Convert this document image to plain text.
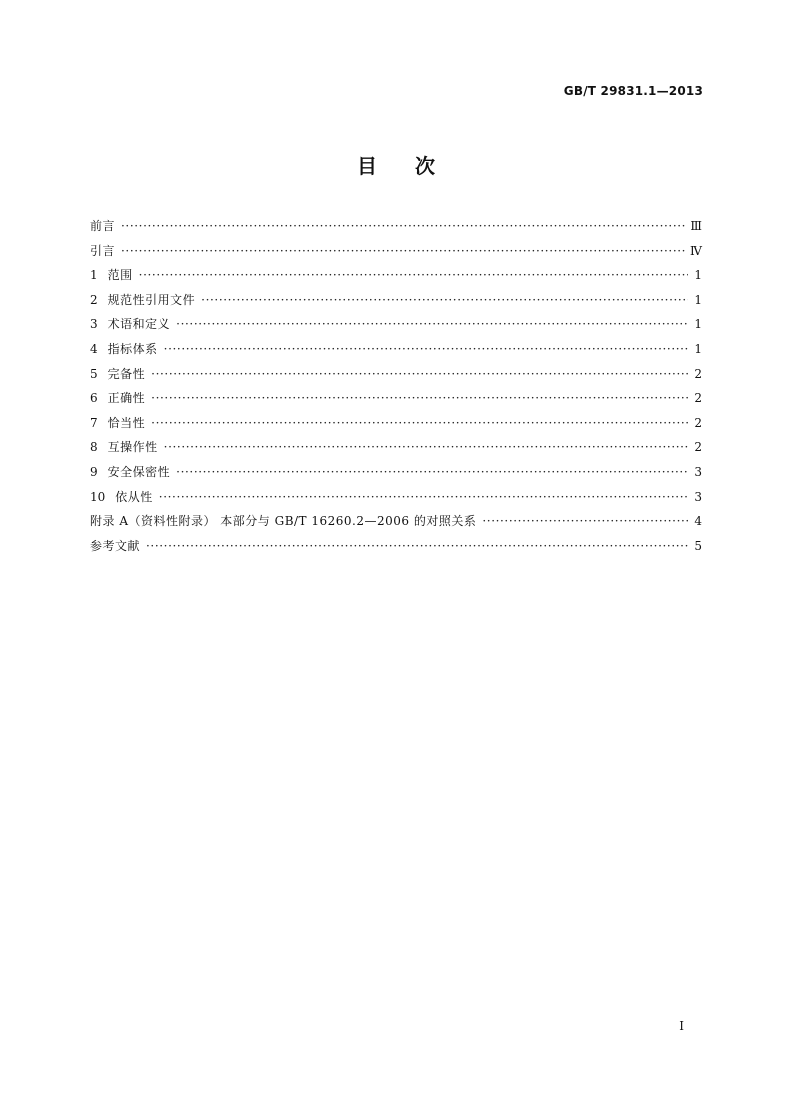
GB/T 29831.1—2013
目 次
前言 ·····	Ⅲ
引言 ·····	Ⅳ
1 范围 ·····	1
2 规范性引用文件 ·····	1
3 术语和定义 ·····	1
4 指标体系 ·····	1
5 完备性 ·····	2
6 正确性 ·····	2
7 恰当性 ·····	2
8 互操作性 ·····	2
9 安全保密性 ·····	3
10 依从性 ·····	3
附录 A（资料性附录） 本部分与 GB/T 16260.2—2006 的对照关系 ·····	4
参考文献 ·····	5
I
